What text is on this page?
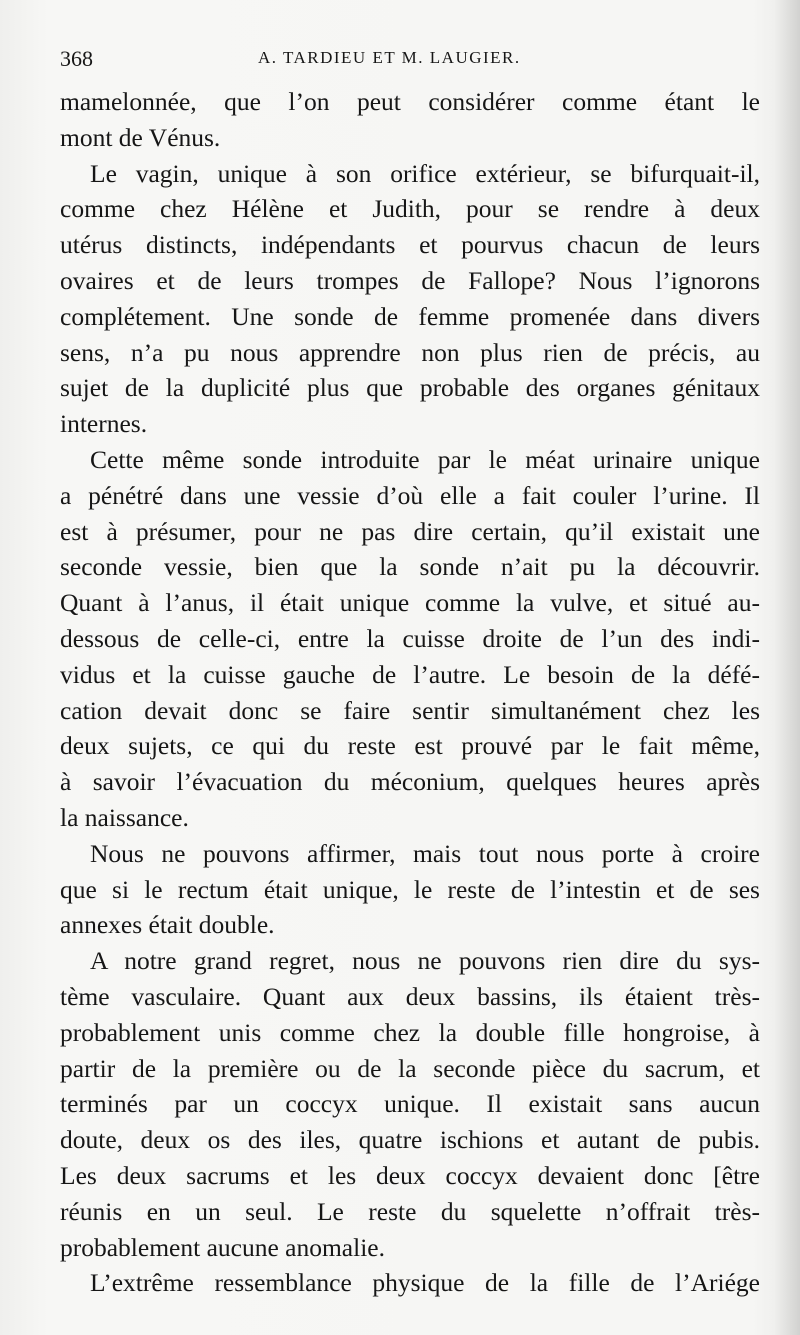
368	A. TARDIEU ET M. LAUGIER.
mamelonnée, que l’on peut considérer comme étant le
mont de Vénus.
Le vagin, unique à son orifice extérieur, se bifurquait-il,
comme chez Hélène et Judith, pour se rendre à deux
utérus distincts, indépendants et pourvus chacun de leurs
ovaires et de leurs trompes de Fallope? Nous l’ignorons
complétement. Une sonde de femme promenée dans divers
sens, n’a pu nous apprendre non plus rien de précis, au
sujet de la duplicité plus que probable des organes génitaux
internes.
Cette même sonde introduite par le méat urinaire unique
a pénétré dans une vessie d’où elle a fait couler l’urine. Il
est à présumer, pour ne pas dire certain, qu’il existait une
seconde vessie, bien que la sonde n’ait pu la découvrir.
Quant à l’anus, il était unique comme la vulve, et situé au-
dessous de celle-ci, entre la cuisse droite de l’un des indi-
vidus et la cuisse gauche de l’autre. Le besoin de la défé-
cation devait donc se faire sentir simultanément chez les
deux sujets, ce qui du reste est prouvé par le fait même,
à savoir l’évacuation du méconium, quelques heures après
la naissance.
Nous ne pouvons affirmer, mais tout nous porte à croire
que si le rectum était unique, le reste de l’intestin et de ses
annexes était double.
A notre grand regret, nous ne pouvons rien dire du sys-
tème vasculaire. Quant aux deux bassins, ils étaient très-
probablement unis comme chez la double fille hongroise, à
partir de la première ou de la seconde pièce du sacrum, et
terminés par un coccyx unique. Il existait sans aucun
doute, deux os des iles, quatre ischions et autant de pubis.
Les deux sacrums et les deux coccyx devaient donc [être
réunis en un seul. Le reste du squelette n’offrait très-
probablement aucune anomalie.
L’extrême ressemblance physique de la fille de l’Ariége
